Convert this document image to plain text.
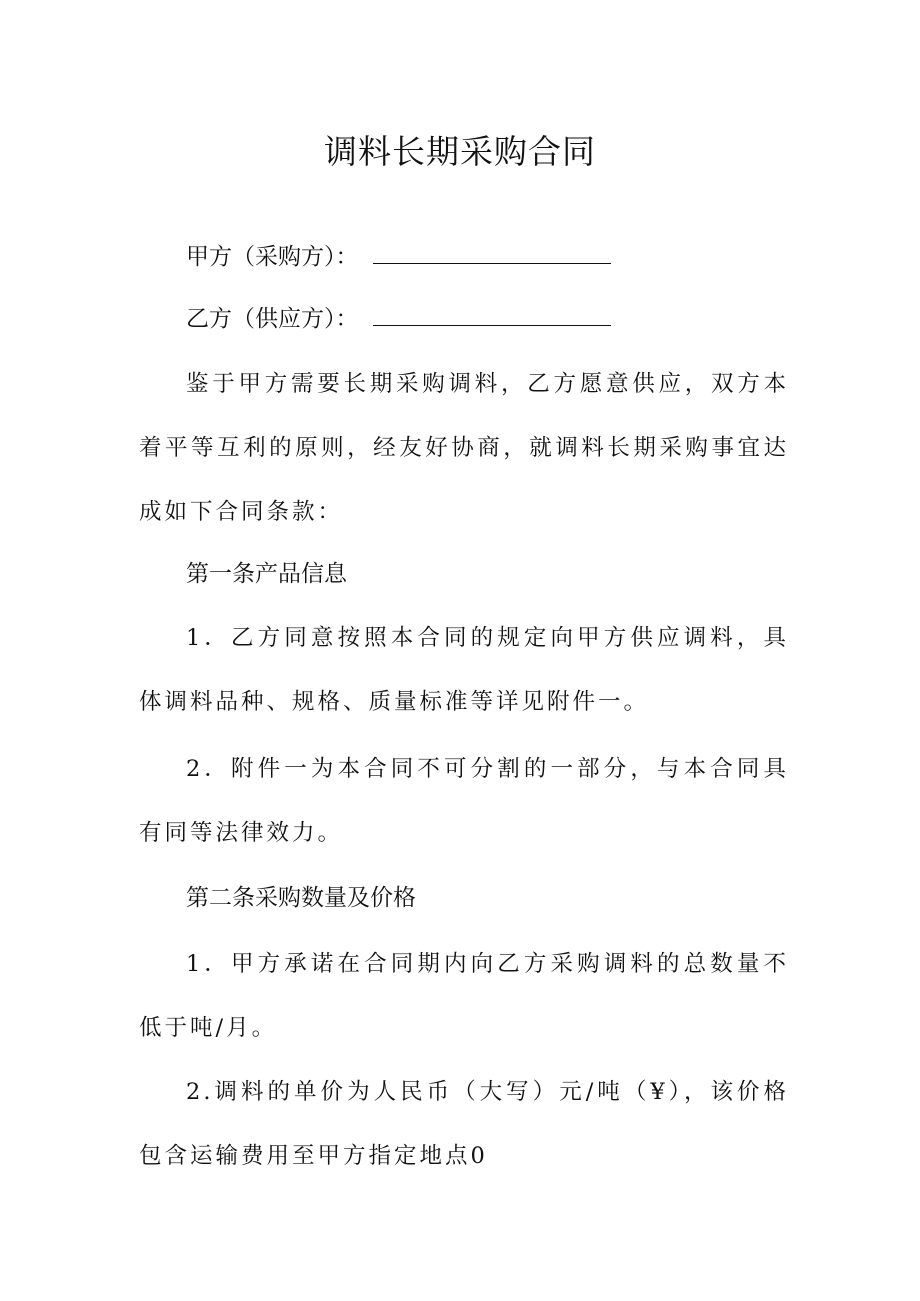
调料长期采购合同
甲方（采购方）：
乙方（供应方）：

鉴于甲方需要长期采购调料，乙方愿意供应，双方本着平等互利的原则，经友好协商，就调料长期采购事宜达成如下合同条款：

第一条产品信息

1．乙方同意按照本合同的规定向甲方供应调料，具体调料品种、规格、质量标准等详见附件一。

2．附件一为本合同不可分割的一部分，与本合同具有同等法律效力。

第二条采购数量及价格

1．甲方承诺在合同期内向乙方采购调料的总数量不低于吨/月。

2.调料的单价为人民币（大写）元/吨（¥），该价格包含运输费用至甲方指定地点0
